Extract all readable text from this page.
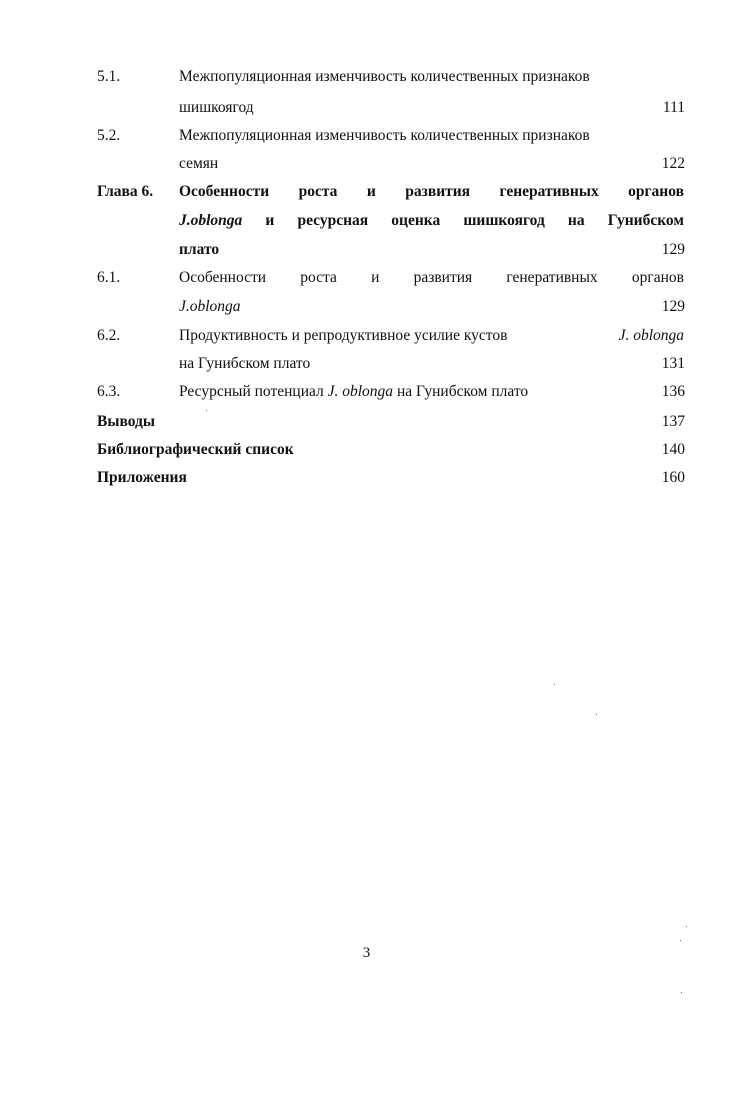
5.1.	Межпопуляционная изменчивость количественных признаков
шишкоягод	111
5.2.	Межпопуляционная изменчивость количественных признаков
семян	122
Глава 6. Особенности роста и развития генеративных органов
J.oblonga и ресурсная оценка шишкоягод на Гунибском
плато	129
6.1.	Особенности роста и развития генеративных органов
J.oblonga	129
6.2.	Продуктивность и репродуктивное усилие кустов	J. oblonga
на Гунибском плато	131
6.3.	Ресурсный потенциал J. oblonga на Гунибском плато	136
Выводы	137
Библиографический список	140
Приложения	160
3
